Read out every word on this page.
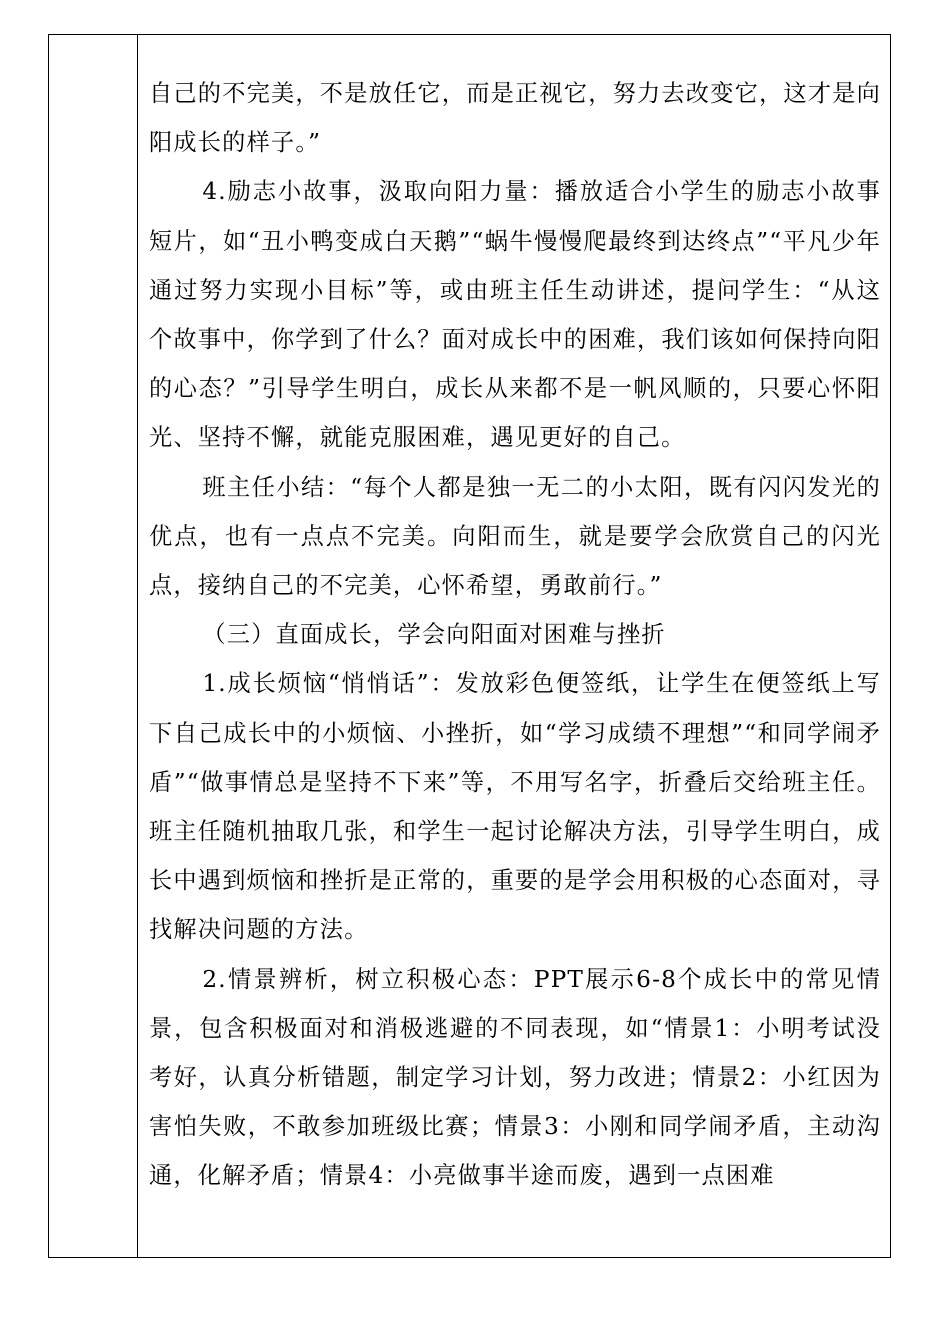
自己的不完美，不是放任它，而是正视它，努力去改变它，这才是向阳成长的样子。”

4.励志小故事，汲取向阳力量：播放适合小学生的励志小故事短片，如“丑小鸭变成白天鹅”“蜗牛慢慢爬最终到达终点”“平凡少年通过努力实现小目标”等，或由班主任生动讲述，提问学生：“从这个故事中，你学到了什么？面对成长中的困难，我们该如何保持向阳的心态？”引导学生明白，成长从来都不是一帆风顺的，只要心怀阳光、坚持不懈，就能克服困难，遇见更好的自己。

班主任小结：“每个人都是独一无二的小太阳，既有闪闪发光的优点，也有一点点不完美。向阳而生，就是要学会欣赏自己的闪光点，接纳自己的不完美，心怀希望，勇敢前行。”

（三）直面成长，学会向阳面对困难与挫折

1.成长烦恼“悄悄话”：发放彩色便签纸，让学生在便签纸上写下自己成长中的小烦恼、小挫折，如“学习成绩不理想”“和同学闹矛盾”“做事情总是坚持不下来”等，不用写名字，折叠后交给班主任。班主任随机抽取几张，和学生一起讨论解决方法，引导学生明白，成长中遇到烦恼和挫折是正常的，重要的是学会用积极的心态面对，寻找解决问题的方法。

2.情景辨析，树立积极心态：PPT展示6-8个成长中的常见情景，包含积极面对和消极逃避的不同表现，如“情景1：小明考试没考好，认真分析错题，制定学习计划，努力改进；情景2：小红因为害怕失败，不敢参加班级比赛；情景3：小刚和同学闹矛盾，主动沟通，化解矛盾；情景4：小亮做事半途而废，遇到一点困难
